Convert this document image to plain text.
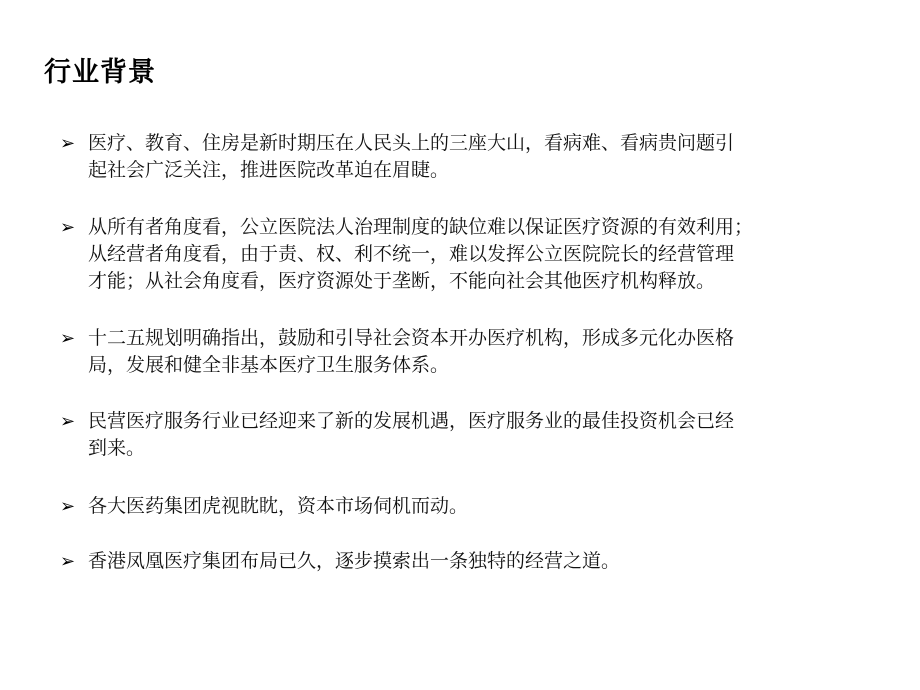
行业背景
➢ 医疗、教育、住房是新时期压在人民头上的三座大山，看病难、看病贵问题引
起社会广泛关注，推进医院改革迫在眉睫。
➢ 从所有者角度看，公立医院法人治理制度的缺位难以保证医疗资源的有效利用；
从经营者角度看，由于责、权、利不统一，难以发挥公立医院院长的经营管理
才能；从社会角度看，医疗资源处于垄断，不能向社会其他医疗机构释放。
➢ 十二五规划明确指出，鼓励和引导社会资本开办医疗机构，形成多元化办医格
局，发展和健全非基本医疗卫生服务体系。
➢ 民营医疗服务行业已经迎来了新的发展机遇，医疗服务业的最佳投资机会已经
到来。
➢ 各大医药集团虎视眈眈，资本市场伺机而动。
➢ 香港凤凰医疗集团布局已久，逐步摸索出一条独特的经营之道。
